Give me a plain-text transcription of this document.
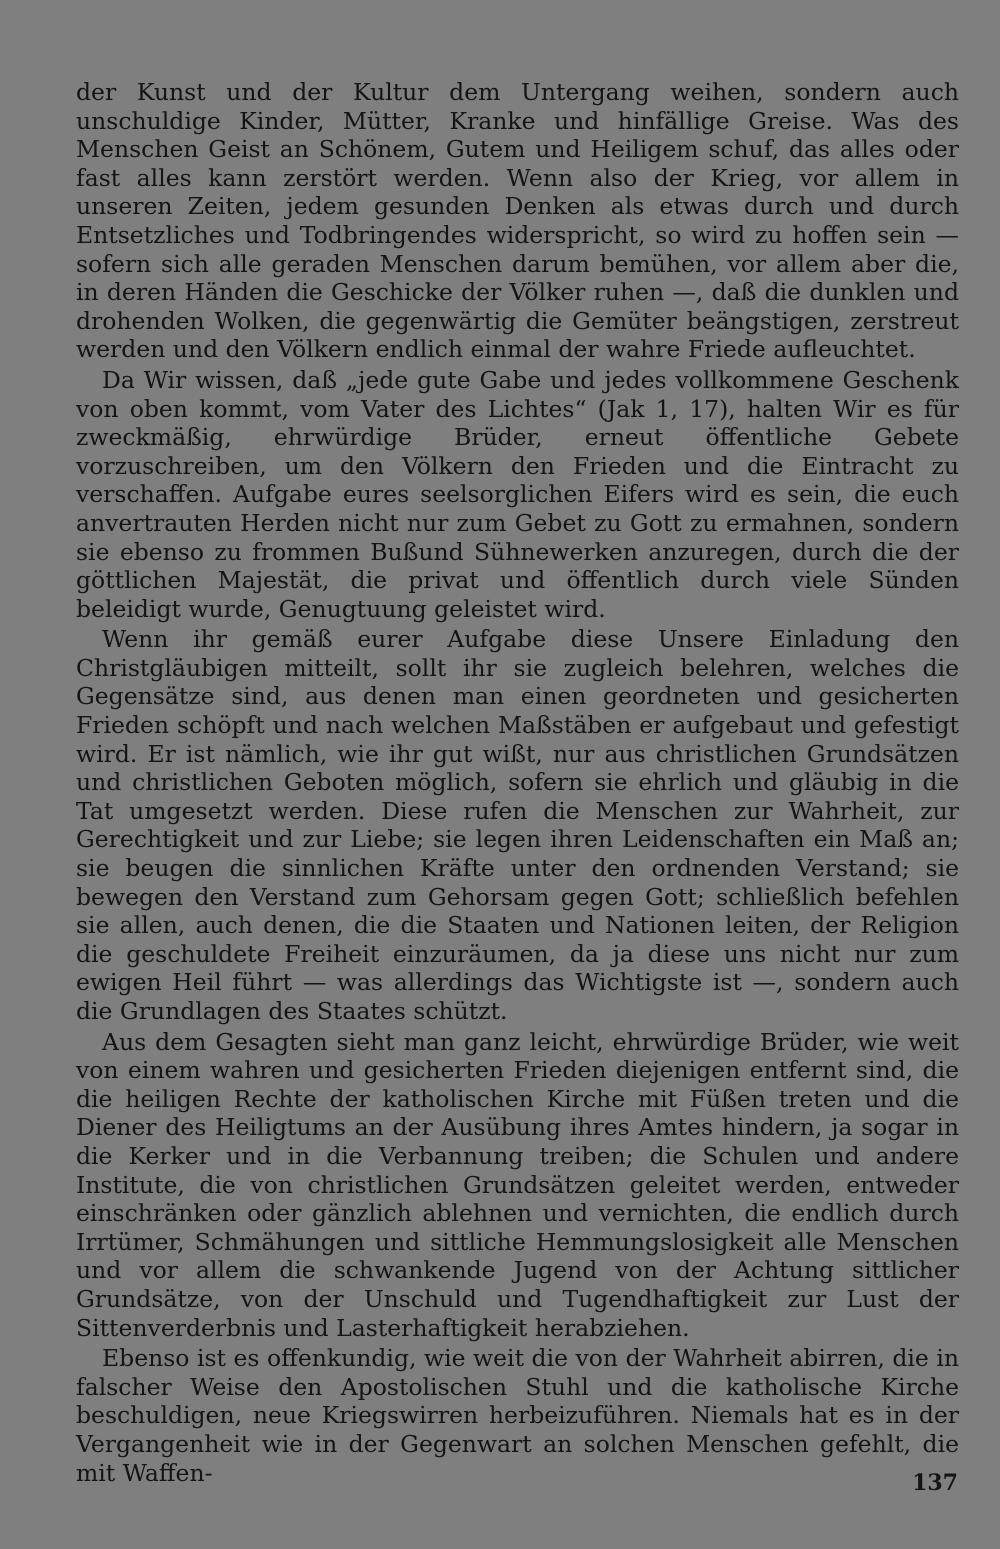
der Kunst und der Kultur dem Untergang weihen, sondern auch unschuldige Kinder, Mütter, Kranke und hinfällige Greise. Was des Menschen Geist an Schönem, Gutem und Heiligem schuf, das alles oder fast alles kann zerstört werden. Wenn also der Krieg, vor allem in unseren Zeiten, jedem gesunden Denken als etwas durch und durch Entsetzliches und Todbringendes widerspricht, so wird zu hoffen sein — sofern sich alle geraden Menschen darum bemühen, vor allem aber die, in deren Händen die Geschicke der Völker ruhen —, daß die dunklen und drohenden Wolken, die gegenwärtig die Gemüter beängstigen, zerstreut werden und den Völkern endlich einmal der wahre Friede aufleuchtet.

Da Wir wissen, daß „jede gute Gabe und jedes vollkommene Geschenk von oben kommt, vom Vater des Lichtes“ (Jak 1, 17), halten Wir es für zweckmäßig, ehrwürdige Brüder, erneut öffentliche Gebete vorzuschreiben, um den Völkern den Frieden und die Eintracht zu verschaffen. Aufgabe eures seelsorglichen Eifers wird es sein, die euch anvertrauten Herden nicht nur zum Gebet zu Gott zu ermahnen, sondern sie ebenso zu frommen Bußund Sühnewerken anzuregen, durch die der göttlichen Majestät, die privat und öffentlich durch viele Sünden beleidigt wurde, Genugtuung geleistet wird.

Wenn ihr gemäß eurer Aufgabe diese Unsere Einladung den Christgläubigen mitteilt, sollt ihr sie zugleich belehren, welches die Gegensätze sind, aus denen man einen geordneten und gesicherten Frieden schöpft und nach welchen Maßstäben er aufgebaut und gefestigt wird. Er ist nämlich, wie ihr gut wißt, nur aus christlichen Grundsätzen und christlichen Geboten möglich, sofern sie ehrlich und gläubig in die Tat umgesetzt werden. Diese rufen die Menschen zur Wahrheit, zur Gerechtigkeit und zur Liebe; sie legen ihren Leidenschaften ein Maß an; sie beugen die sinnlichen Kräfte unter den ordnenden Verstand; sie bewegen den Verstand zum Gehorsam gegen Gott; schließlich befehlen sie allen, auch denen, die die Staaten und Nationen leiten, der Religion die geschuldete Freiheit einzuräumen, da ja diese uns nicht nur zum ewigen Heil führt — was allerdings das Wichtigste ist —, sondern auch die Grundlagen des Staates schützt.

Aus dem Gesagten sieht man ganz leicht, ehrwürdige Brüder, wie weit von einem wahren und gesicherten Frieden diejenigen entfernt sind, die die heiligen Rechte der katholischen Kirche mit Füßen treten und die Diener des Heiligtums an der Ausübung ihres Amtes hindern, ja sogar in die Kerker und in die Verbannung treiben; die Schulen und andere Institute, die von christlichen Grundsätzen geleitet werden, entweder einschränken oder gänzlich ablehnen und vernichten, die endlich durch Irrtümer, Schmähungen und sittliche Hemmungslosigkeit alle Menschen und vor allem die schwankende Jugend von der Achtung sittlicher Grundsätze, von der Unschuld und Tugendhaftigkeit zur Lust der Sittenverderbnis und Lasterhaftigkeit herabziehen.

Ebenso ist es offenkundig, wie weit die von der Wahrheit abirren, die in falscher Weise den Apostolischen Stuhl und die katholische Kirche beschuldigen, neue Kriegswirren herbeizuführen. Niemals hat es in der Vergangenheit wie in der Gegenwart an solchen Menschen gefehlt, die mit Waffen-	137
